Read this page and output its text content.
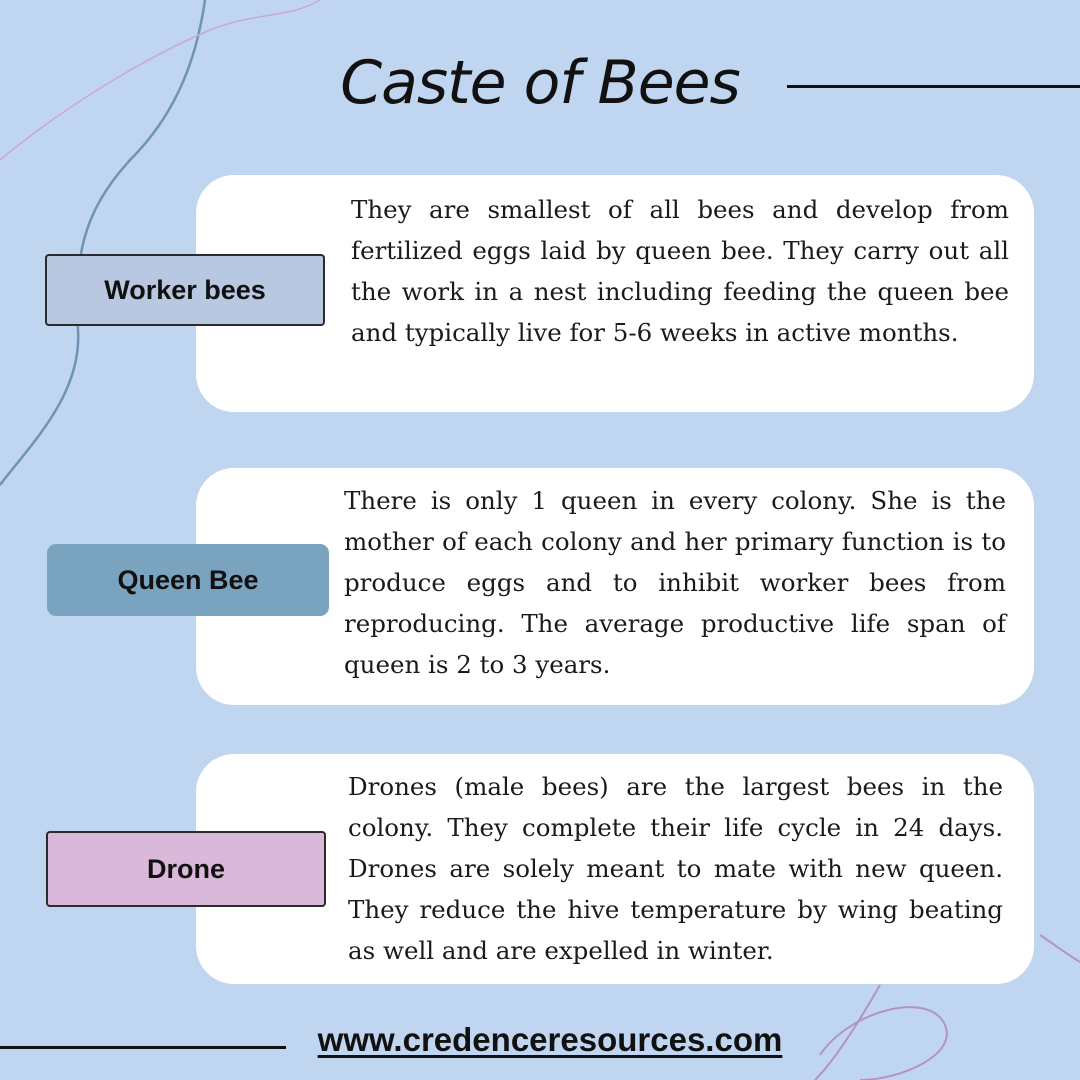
Caste of Bees

They are smallest of all bees and develop from fertilized eggs laid by queen bee. They carry out all the work in a nest including feeding the queen bee and typically live for 5-6 weeks in active months.

Worker bees

There is only 1 queen in every colony. She is the mother of each colony and her primary function is to produce eggs and to inhibit worker bees from reproducing. The average productive life span of queen is 2 to 3 years.

Queen Bee

Drones (male bees) are the largest bees in the colony. They complete their life cycle in 24 days. Drones are solely meant to mate with new queen. They reduce the hive temperature by wing beating as well and are expelled in winter.

Drone
www.credenceresources.com
